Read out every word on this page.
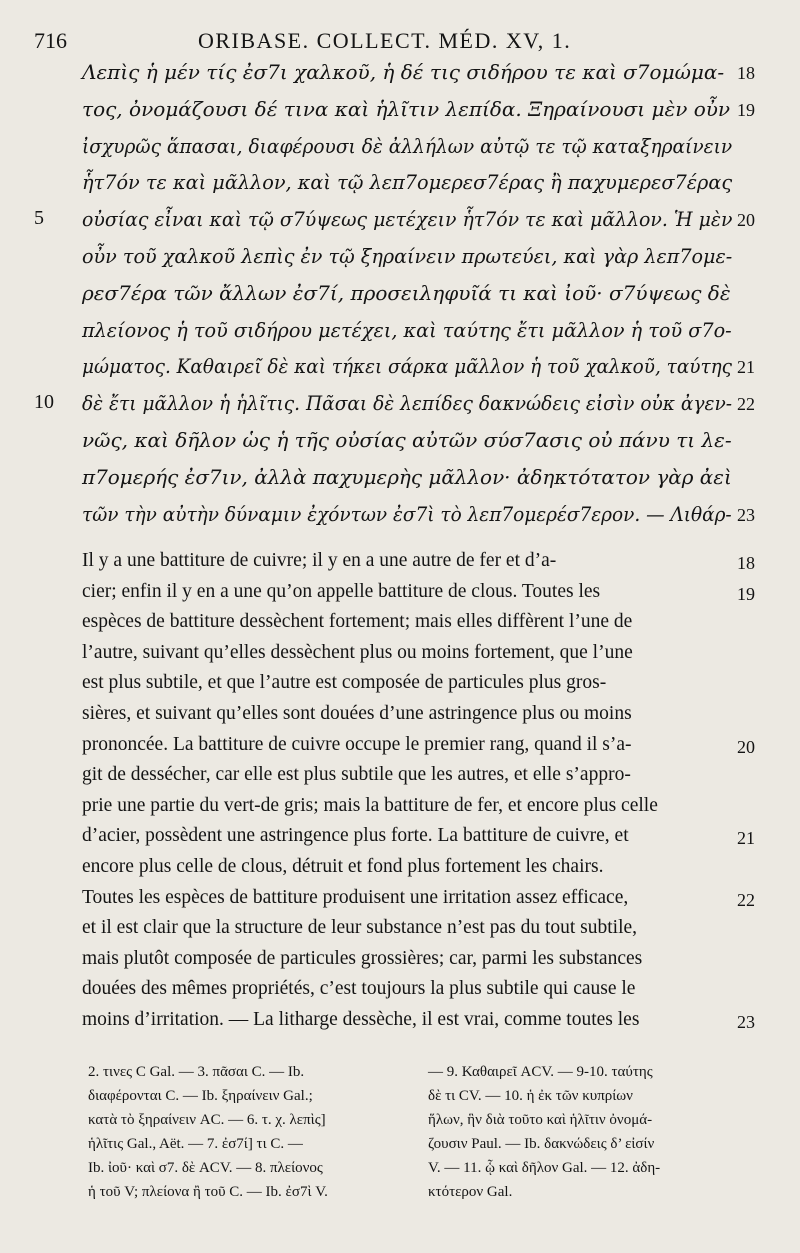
716	ORIBASE. COLLECT. MÉD. XV, 1.
Λεπὶς ἡ μέν τίς ἐσ7ι χαλκοῦ, ἡ δέ τις σιδήρου τε καὶ σ7ομώμα-
τος, ὀνομάζουσι δέ τινα καὶ ἡλῖτιν λεπίδα. Ξηραίνουσι μὲν οὖν
ἰσχυρῶς ἅπασαι, διαφέρουσι δὲ ἀλλήλων αὐτῷ τε τῷ καταξηραίνειν
ἧτ7όν τε καὶ μᾶλλον, καὶ τῷ λεπ7ομερεσ7έρας ἢ παχυμερεσ7έρας
οὐσίας εἶναι καὶ τῷ σ7ύψεως μετέχειν ἧτ7όν τε καὶ μᾶλλον. Ἡ μὲν
οὖν τοῦ χαλκοῦ λεπὶς ἐν τῷ ξηραίνειν πρωτεύει, καὶ γὰρ λεπ7ομε-
ρεσ7έρα τῶν ἄλλων ἐσ7ί, προσειληφυῖά τι καὶ ἰοῦ· σ7ύψεως δὲ
πλείονος ἡ τοῦ σιδήρου μετέχει, καὶ ταύτης ἔτι μᾶλλον ἡ τοῦ σ7ο-
μώματος. Καθαιρεῖ δὲ καὶ τήκει σάρκα μᾶλλον ἡ τοῦ χαλκοῦ, ταύτης
δὲ ἔτι μᾶλλον ἡ ἡλῖτις. Πᾶσαι δὲ λεπίδες δακνώδεις εἰσὶν οὐκ ἀγεν-
νῶς, καὶ δῆλον ὡς ἡ τῆς οὐσίας αὐτῶν σύσ7ασις οὐ πάνυ τι λε-
π7ομερής ἐσ7ιν, ἀλλὰ παχυμερὴς μᾶλλον· ἀδηκτότατον γὰρ ἀεὶ
τῶν τὴν αὐτὴν δύναμιν ἐχόντων ἐσ7ὶ τὸ λεπ7ομερέσ7ερον. — Λιθάρ-
18
19
5	20
21
10	22
23
Il y a une battiture de cuivre; il y en a une autre de fer et d’a-
cier; enfin il y en a une qu’on appelle battiture de clous. Toutes les
espèces de battiture dessèchent fortement; mais elles diffèrent l’une de
l’autre, suivant qu’elles dessèchent plus ou moins fortement, que l’une
est plus subtile, et que l’autre est composée de particules plus gros-
sières, et suivant qu’elles sont douées d’une astringence plus ou moins
prononcée. La battiture de cuivre occupe le premier rang, quand il s’a-
git de dessécher, car elle est plus subtile que les autres, et elle s’appro-
prie une partie du vert-de gris; mais la battiture de fer, et encore plus celle
d’acier, possèdent une astringence plus forte. La battiture de cuivre, et
encore plus celle de clous, détruit et fond plus fortement les chairs.
Toutes les espèces de battiture produisent une irritation assez efficace,
et il est clair que la structure de leur substance n’est pas du tout subtile,
mais plutôt composée de particules grossières; car, parmi les substances
douées des mêmes propriétés, c’est toujours la plus subtile qui cause le
moins d’irritation. — La litharge dessèche, il est vrai, comme toutes les
18
19
20
21
22
23
2. τινες C Gal. — 3. πᾶσαι C. — Ib.
διαφέρονται C. — Ib. ξηραίνειν Gal.;
κατὰ τὸ ξηραίνειν AC. — 6. τ. χ. λεπὶς]
ἡλῖτις Gal., Aët. — 7. ἐσ7ί] τι C. —
Ib. ἰοῦ· καὶ σ7. δὲ ACV. — 8. πλείονος
ἡ τοῦ V; πλείονα ἢ τοῦ C. — Ib. ἐσ7ὶ V.
— 9. Καθαιρεῖ ACV. — 9-10. ταύτης
δὲ τι CV. — 10. ἡ ἐκ τῶν κυπρίων
ἥλων, ἣν διὰ τοῦτο καὶ ἡλῖτιν ὀνομά-
ζουσιν Paul. — Ib. δακνώδεις δ’ εἰσίν
V. — 11. ᾧ καὶ δῆλον Gal. — 12. ἀδη-
κτότερον Gal.
